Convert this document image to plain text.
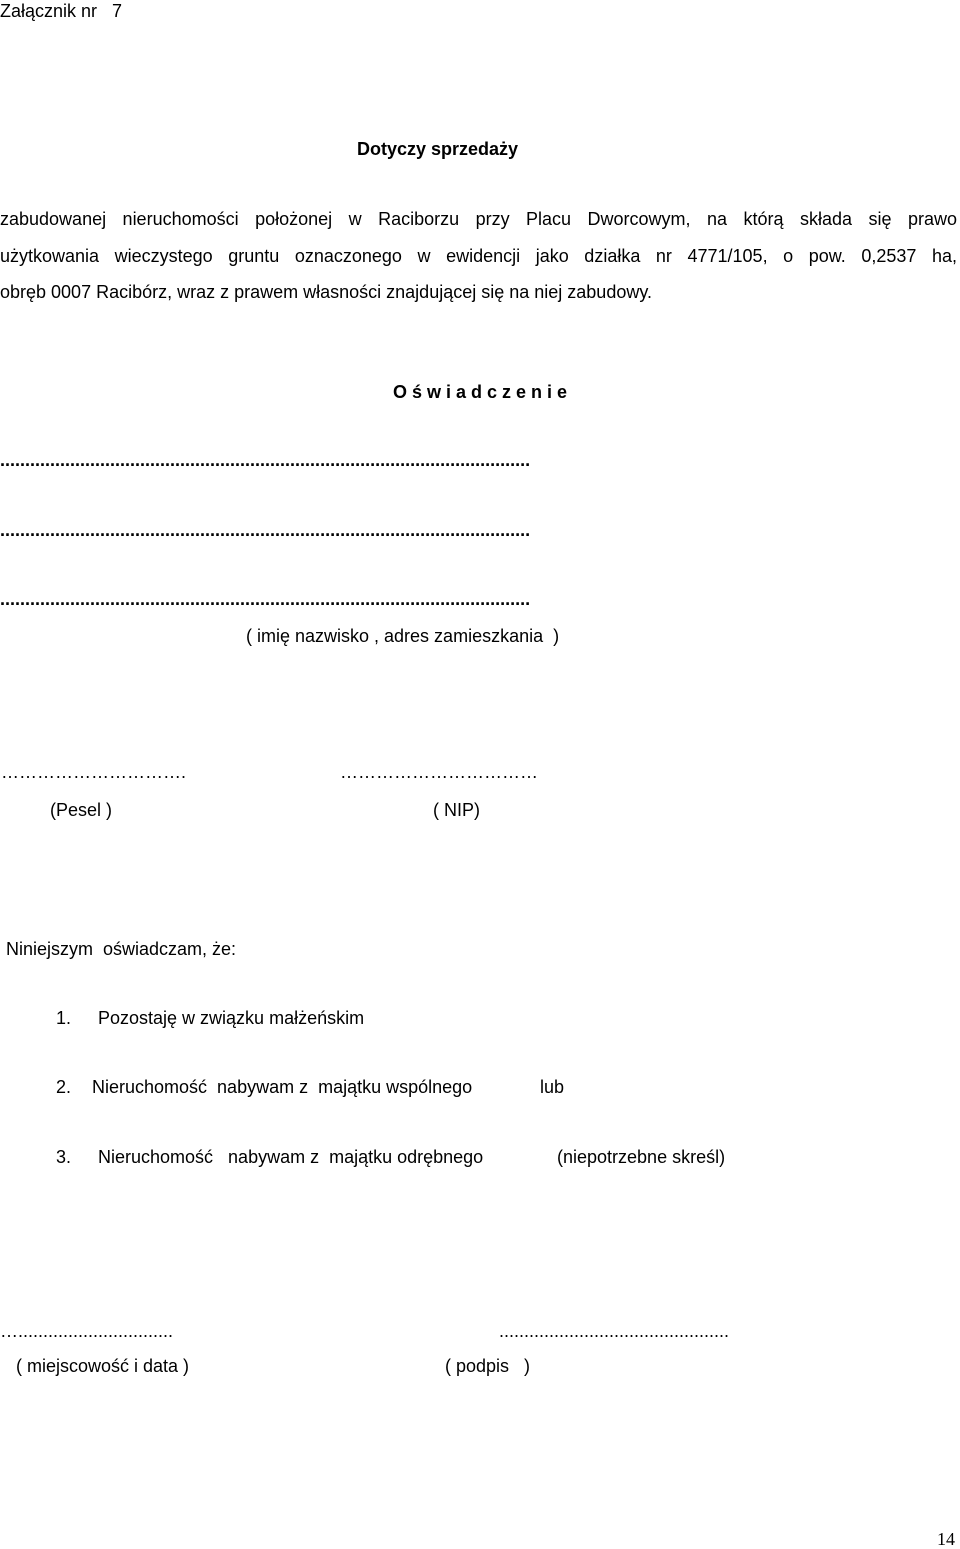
Załącznik nr   7
Dotyczy sprzedaży
zabudowanej nieruchomości położonej w Raciborzu przy Placu Dworcowym, na którą składa się prawo
użytkowania wieczystego gruntu oznaczonego w ewidencji jako działka nr 4771/105, o pow. 0,2537 ha,
obręb 0007 Racibórz, wraz z prawem własności znajdującej się na niej zabudowy.
O ś w i a d c z e n i e
..........................................................................................................
..........................................................................................................
..........................................................................................................
( imię nazwisko , adres zamieszkania  )
………………………….	……………………………
(Pesel )	( NIP)
Niniejszym  oświadczam, że:
1. Pozostaję w związku małżeńskim
2. Nieruchomość  nabywam z  majątku wspólnego	lub
3. Nieruchomość   nabywam z  majątku odrębnego	(niepotrzebne skreśl)
…...............................	..............................................
( miejscowość i data )	( podpis   )
14
